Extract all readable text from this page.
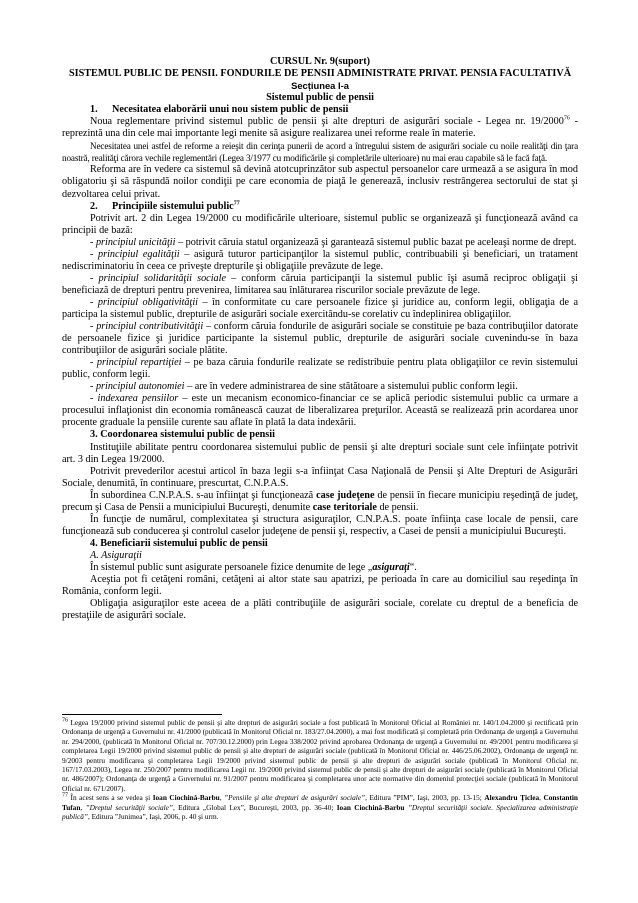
CURSUL Nr. 9(suport)
SISTEMUL PUBLIC DE PENSII. FONDURILE DE PENSII ADMINISTRATE PRIVAT. PENSIA FACULTATIVĂ
Secțiunea I-a
Sistemul public de pensii
1. Necesitatea elaborării unui nou sistem public de pensii

Noua reglementare privind sistemul public de pensii şi alte drepturi de asigurări sociale - Legea nr. 19/2000$^{76}$ - reprezintă una din cele mai importante legi menite să asigure realizarea unei reforme reale în materie.

Necesitatea unei astfel de reforme a reieşit din cerinţa punerii de acord a întregului sistem de asigurări sociale cu noile realităţi din ţara noastră, realităţi cărora vechile reglementări (Legea 3/1977 cu modificările şi completările ulterioare) nu mai erau capabile să le facă faţă.

Reforma are în vedere ca sistemul să devină atotcuprinzător sub aspectul persoanelor care urmează a se asigura în mod obligatoriu şi să răspundă noilor condiţii pe care economia de piaţă le generează, inclusiv restrângerea sectorului de stat şi dezvoltarea celui privat.

2. Principiile sistemului public$^{77}$

Potrivit art. 2 din Legea 19/2000 cu modificările ulterioare, sistemul public se organizează şi funcţionează având ca principii de bază:

- principiul unicităţii – potrivit căruia statul organizează şi garantează sistemul public bazat pe aceleaşi norme de drept.

- principiul egalităţii – asigură tuturor participanţilor la sistemul public, contribuabili şi beneficiari, un tratament nediscriminatoriu în ceea ce priveşte drepturile şi obligaţiile prevăzute de lege.

- principiul solidarităţii sociale – conform căruia participanţii la sistemul public îşi asumă reciproc obligaţii şi beneficiază de drepturi pentru prevenirea, limitarea sau înlăturarea riscurilor sociale prevăzute de lege.

- principiul obligativităţii – în conformitate cu care persoanele fizice şi juridice au, conform legii, obligaţia de a participa la sistemul public, drepturile de asigurări sociale exercitându-se corelativ cu îndeplinirea obligaţiilor.

- principiul contributivităţii – conform căruia fondurile de asigurări sociale se constituie pe baza contribuţiilor datorate de persoanele fizice şi juridice participante la sistemul public, drepturile de asigurări sociale cuvenindu-se în baza contribuţiilor de asigurări sociale plătite.

- principiul repartiţiei – pe baza căruia fondurile realizate se redistribuie pentru plata obligaţiilor ce revin sistemului public, conform legii.

- principiul autonomiei – are în vedere administrarea de sine stătătoare a sistemului public conform legii.

- indexarea pensiilor – este un mecanism economico-financiar ce se aplică periodic sistemului public ca urmare a procesului inflaţionist din economia românească cauzat de liberalizarea preţurilor. Această se realizează prin acordarea unor procente graduale la pensiile curente sau aflate în plată la data indexării.

3. Coordonarea sistemului public de pensii

Instituţiile abilitate pentru coordonarea sistemului public de pensii şi alte drepturi sociale sunt cele înfiinţate potrivit art. 3 din Legea 19/2000.

Potrivit prevederilor acestui articol în baza legii s-a înfiinţat Casa Naţională de Pensii şi Alte Drepturi de Asigurări Sociale, denumită, în continuare, prescurtat, C.N.P.A.S.

În subordinea C.N.P.A.S. s-au înfiinţat şi funcţionează case judeţene de pensii în fiecare municipiu reşedinţă de judeţ, precum şi Casa de Pensii a municipiului Bucureşti, denumite case teritoriale de pensii.

În funcţie de numărul, complexitatea şi structura asiguraţilor, C.N.P.A.S. poate înfiinţa case locale de pensii, care funcţionează sub conducerea şi controlul caselor judeţene de pensii şi, respectiv, a Casei de pensii a municipiului Bucureşti.

4. Beneficiarii sistemului public de pensii

A. Asiguraţii

În sistemul public sunt asigurate persoanele fizice denumite de lege „asiguraţi“.

Aceştia pot fi cetăţeni români, cetăţeni ai altor state sau apatrizi, pe perioada în care au domiciliul sau reşedinţa în România, conform legii.

Obligaţia asiguraţilor este aceea de a plăti contribuţiile de asigurări sociale, corelate cu dreptul de a beneficia de prestaţiile de asigurări sociale.

$^{76}$ Legea 19/2000 privind sistemul public de pensii şi alte drepturi de asigurări sociale a fost publicată în Monitorul Oficial al României nr. 140/1.04.2000 şi rectificată prin Ordonanţa de urgenţă a Guvernului nr. 41/2000 (publicată în Monitorul Oficial nr. 183/27.04.2000), a mai fost modificată şi completată prin Ordonanţa de urgenţă a Guvernului nr. 294/2000, (publicată în Monitorul Oficial nr. 707/30.12.2000) prin Legea 338/2002 privind aprobarea Ordonanţa de urgenţă a Guvernului nr. 49/2001 pentru modificarea şi completarea Legii 19/2000 privind sistemul public de pensii şi alte drepturi de asigurări sociale (publicată în Monitorul Oficial nr. 446/25.06.2002), Ordonanţa de urgenţă nr. 9/2003 pentru modificarea şi completarea Legii 19/2000 privind sistemul public de pensii şi alte drepturi de asigurări sociale (publicată în Monitorul Oficial nr. 167/17.03.2003), Legea nr. 250/2007 pentru modificarea Legii nr. 19/2000 privind sistemul public de pensii şi alte drepturi de asigurări sociale (publicată în Monitorul Oficial nr. 486/2007); Ordonanţa de urgenţă a Guvernului nr. 91/2007 pentru modificarea şi completarea unor acte normative din domeniul protecţiei sociale (publicată în Monitorul Oficial nr. 671/2007).

$^{77}$ În acest sens a se vedea şi Ioan Ciochină-Barbu, ”Pensiile şi alte drepturi de asigurări sociale”, Editura ”PIM”, Iaşi, 2003, pp. 13-15; Alexandru Ţiclea, Constantin Tufan, ”Dreptul securităţii sociale”, Editura „Global Lex”, Bucureşti, 2003, pp. 36-40; Ioan Ciochină-Barbu ”Dreptul securităţii sociale. Specializarea administraţie publică”, Editura ”Junimea”, Iaşi, 2006, p. 40 şi urm.
